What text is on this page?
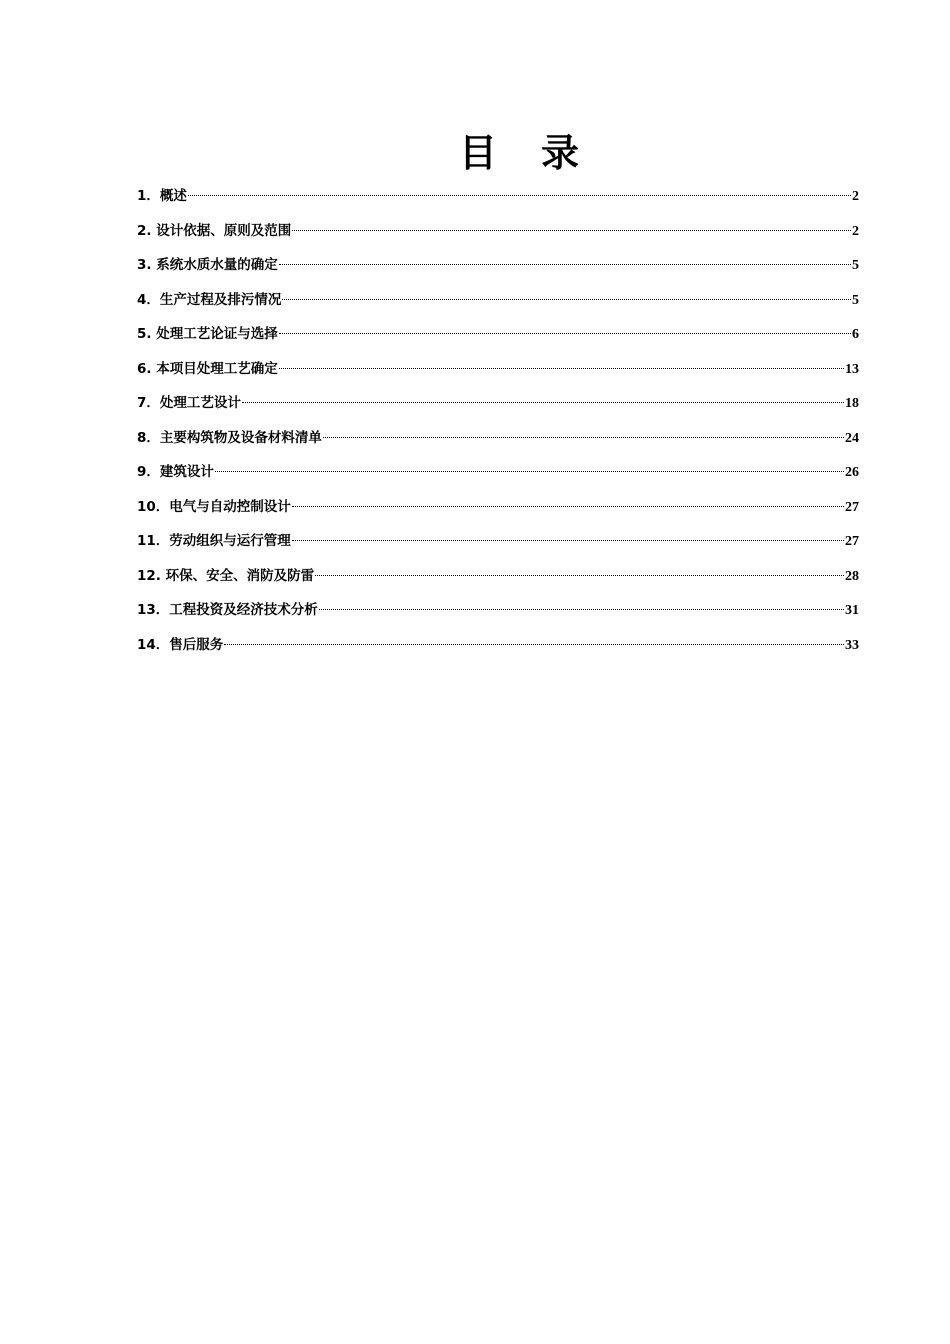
目 录
1．概述	2
2. 设计依据、原则及范围	2
3. 系统水质水量的确定	5
4．生产过程及排污情况	5
5. 处理工艺论证与选择	6
6. 本项目处理工艺确定	13
7．处理工艺设计	18
8．主要构筑物及设备材料清单	24
9．建筑设计	26
10．电气与自动控制设计	27
11．劳动组织与运行管理	27
12. 环保、安全、消防及防雷	28
13．工程投资及经济技术分析	31
14．售后服务	33
